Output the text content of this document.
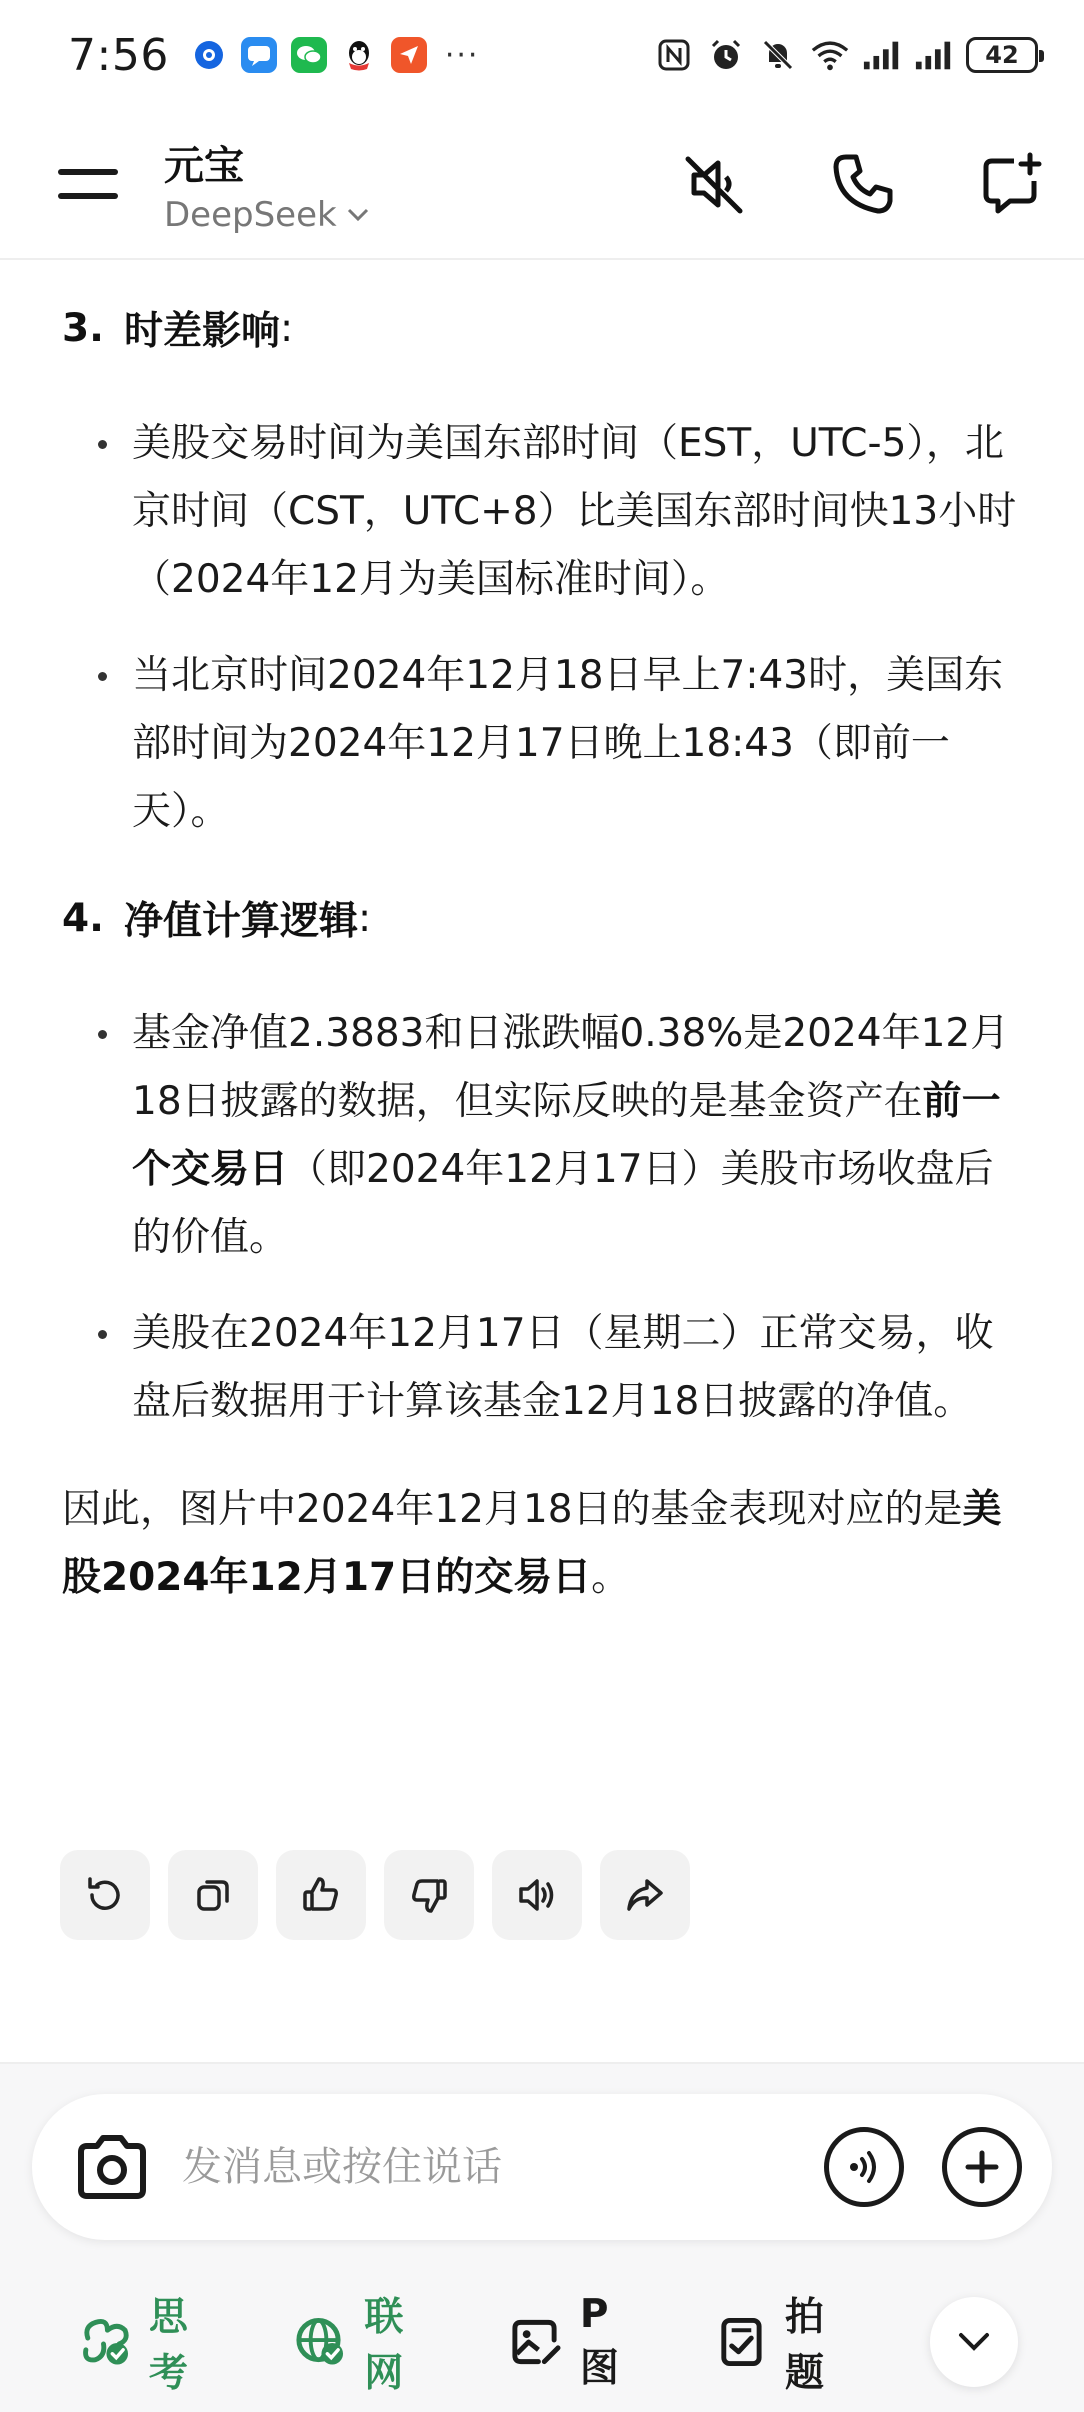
7:56	···	42
元宝
DeepSeek
3. 时差影响 :
美股交易时间为美国东部时间（EST，UTC-5），北京时间（CST，UTC+8）比美国东部时间快13小时（2024年12月为美国标准时间）。
当北京时间2024年12月18日早上7:43时，美国东部时间为2024年12月17日晚上18:43（即前一天）。
4. 净值计算逻辑 :
基金净值2.3883和日涨跌幅0.38%是2024年12月18日披露的数据，但实际反映的是基金资产在前一个交易日（即2024年12月17日）美股市场收盘后的价值。
美股在2024年12月17日（星期二）正常交易，收盘后数据用于计算该基金12月18日披露的净值。

因此，图片中2024年12月18日的基金表现对应的是美股2024年12月17日的交易日。

发消息或按住说话
思考
联网
P图
拍题
